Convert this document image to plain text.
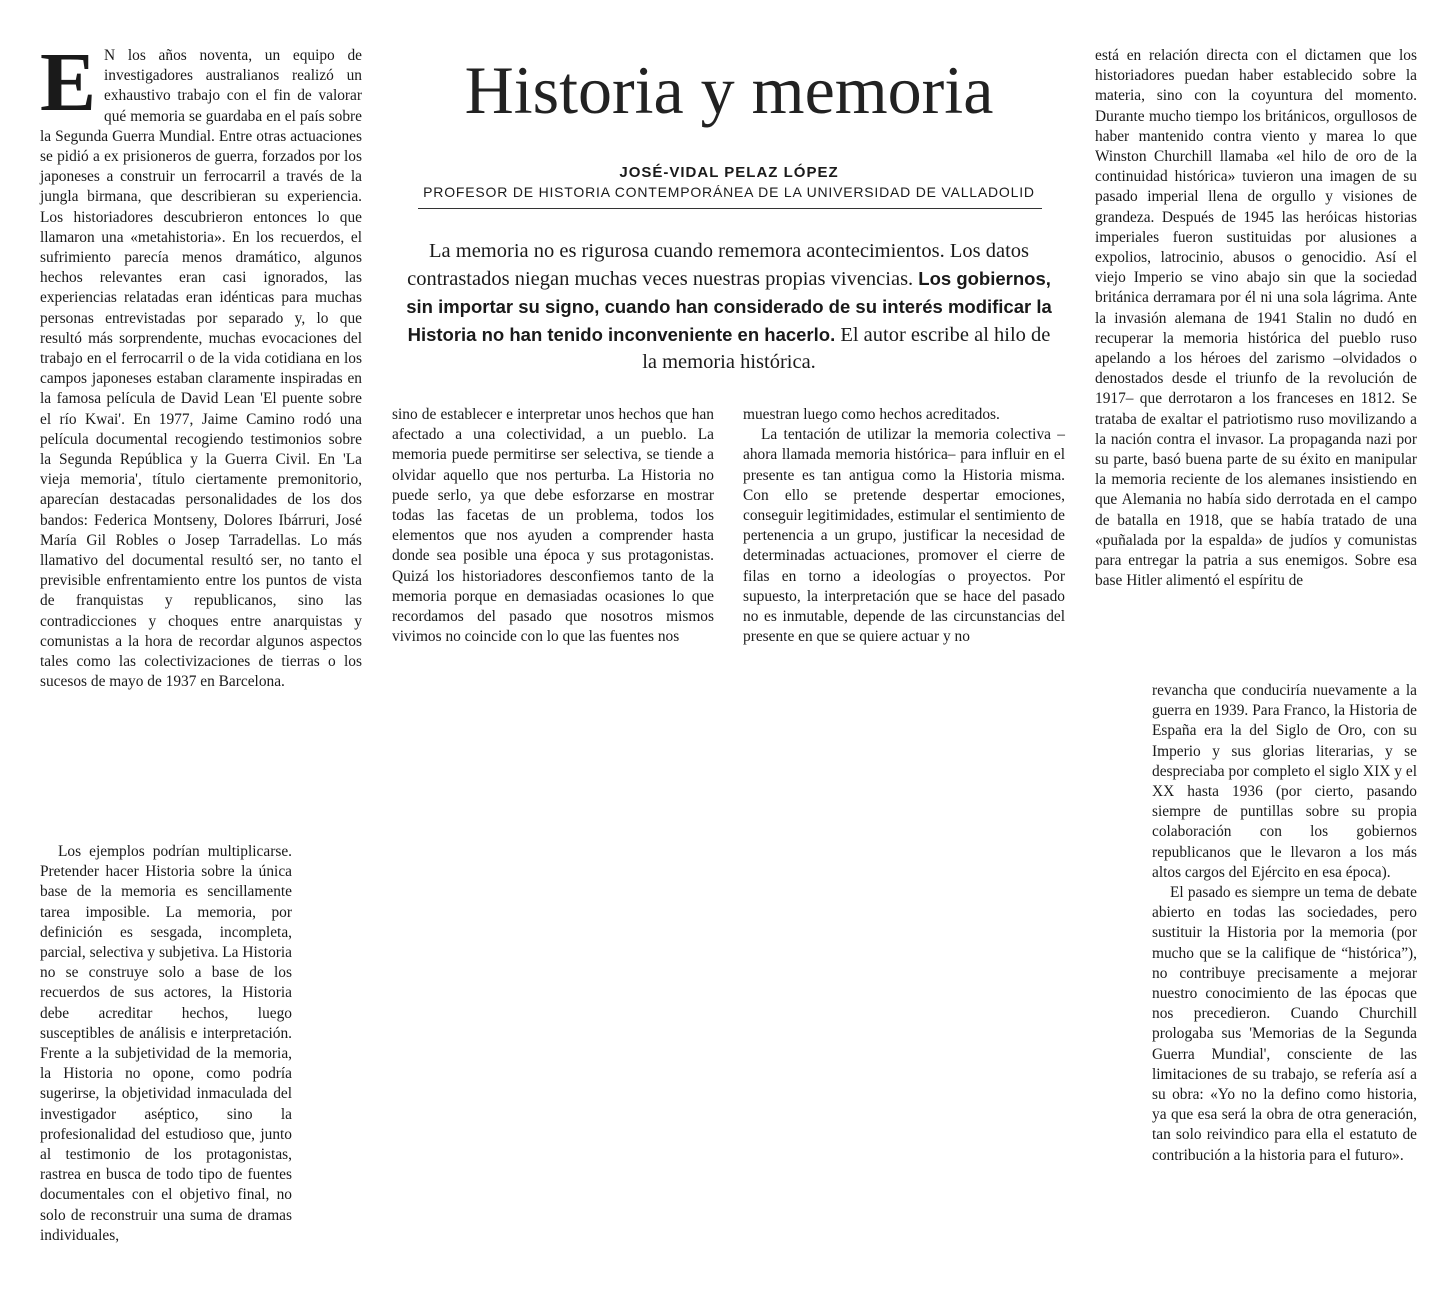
Historia y memoria
JOSÉ-VIDAL PELAZ LÓPEZ
PROFESOR DE HISTORIA CONTEMPORÁNEA DE LA UNIVERSIDAD DE VALLADOLID
La memoria no es rigurosa cuando rememora acontecimientos. Los datos contrastados niegan muchas veces nuestras propias vivencias. Los gobiernos, sin importar su signo, cuando han considerado de su interés modificar la Historia no han tenido inconveniente en hacerlo. El autor escribe al hilo de la memoria histórica.

E N los años noventa, un equipo de investigadores australianos realizó un exhaustivo trabajo con el fin de valorar qué memoria se guardaba en el país sobre la Segunda Guerra Mundial. Entre otras actuaciones se pidió a ex prisioneros de guerra, forzados por los japoneses a construir un ferrocarril a través de la jungla birmana, que describieran su experiencia. Los historiadores descubrieron entonces lo que llamaron una «metahistoria». En los recuerdos, el sufrimiento parecía menos dramático, algunos hechos relevantes eran casi ignorados, las experiencias relatadas eran idénticas para muchas personas entrevistadas por separado y, lo que resultó más sorprendente, muchas evocaciones del trabajo en el ferrocarril o de la vida cotidiana en los campos japoneses estaban claramente inspiradas en la famosa película de David Lean 'El puente sobre el río Kwai'. En 1977, Jaime Camino rodó una película documental recogiendo testimonios sobre la Segunda República y la Guerra Civil. En 'La vieja memoria', título ciertamente premonitorio, aparecían destacadas personalidades de los dos bandos: Federica Montseny, Dolores Ibárruri, José María Gil Robles o Josep Tarradellas. Lo más llamativo del documental resultó ser, no tanto el previsible enfrentamiento entre los puntos de vista de franquistas y republicanos, sino las contradicciones y choques entre anarquistas y comunistas a la hora de recordar algunos aspectos tales como las colectivizaciones de tierras o los sucesos de mayo de 1937 en Barcelona.

Los ejemplos podrían multiplicarse. Pretender hacer Historia sobre la única base de la memoria es sencillamente tarea imposible. La memoria, por definición es sesgada, incompleta, parcial, selectiva y subjetiva. La Historia no se construye solo a base de los recuerdos de sus actores, la Historia debe acreditar hechos, luego susceptibles de análisis e interpretación. Frente a la subjetividad de la memoria, la Historia no opone, como podría sugerirse, la objetividad inmaculada del investigador aséptico, sino la profesionalidad del estudioso que, junto al testimonio de los protagonistas, rastrea en busca de todo tipo de fuentes documentales con el objetivo final, no solo de reconstruir una suma de dramas individuales,

sino de establecer e interpretar unos hechos que han afectado a una colectividad, a un pueblo. La memoria puede permitirse ser selectiva, se tiende a olvidar aquello que nos perturba. La Historia no puede serlo, ya que debe esforzarse en mostrar todas las facetas de un problema, todos los elementos que nos ayuden a comprender hasta donde sea posible una época y sus protagonistas. Quizá los historiadores desconfiemos tanto de la memoria porque en demasiadas ocasiones lo que recordamos del pasado que nosotros mismos vivimos no coincide con lo que las fuentes nos

muestran luego como hechos acreditados.

La tentación de utilizar la memoria colectiva –ahora llamada memoria histórica– para influir en el presente es tan antigua como la Historia misma. Con ello se pretende despertar emociones, conseguir legitimidades, estimular el sentimiento de pertenencia a un grupo, justificar la necesidad de determinadas actuaciones, promover el cierre de filas en torno a ideologías o proyectos. Por supuesto, la interpretación que se hace del pasado no es inmutable, depende de las circunstancias del presente en que se quiere actuar y no

está en relación directa con el dictamen que los historiadores puedan haber establecido sobre la materia, sino con la coyuntura del momento. Durante mucho tiempo los británicos, orgullosos de haber mantenido contra viento y marea lo que Winston Churchill llamaba «el hilo de oro de la continuidad histórica» tuvieron una imagen de su pasado imperial llena de orgullo y visiones de grandeza. Después de 1945 las heróicas historias imperiales fueron sustituidas por alusiones a expolios, latrocinio, abusos o genocidio. Así el viejo Imperio se vino abajo sin que la sociedad británica derramara por él ni una sola lágrima. Ante la invasión alemana de 1941 Stalin no dudó en recuperar la memoria histórica del pueblo ruso apelando a los héroes del zarismo –olvidados o denostados desde el triunfo de la revolución de 1917– que derrotaron a los franceses en 1812. Se trataba de exaltar el patriotismo ruso movilizando a la nación contra el invasor. La propaganda nazi por su parte, basó buena parte de su éxito en manipular la memoria reciente de los alemanes insistiendo en que Alemania no había sido derrotada en el campo de batalla en 1918, que se había tratado de una «puñalada por la espalda» de judíos y comunistas para entregar la patria a sus enemigos. Sobre esa base Hitler alimentó el espíritu de

revancha que conduciría nuevamente a la guerra en 1939. Para Franco, la Historia de España era la del Siglo de Oro, con su Imperio y sus glorias literarias, y se despreciaba por completo el siglo XIX y el XX hasta 1936 (por cierto, pasando siempre de puntillas sobre su propia colaboración con los gobiernos republicanos que le llevaron a los más altos cargos del Ejército en esa época).

El pasado es siempre un tema de debate abierto en todas las sociedades, pero sustituir la Historia por la memoria (por mucho que se la califique de “histórica”), no contribuye precisamente a mejorar nuestro conocimiento de las épocas que nos precedieron. Cuando Churchill prologaba sus 'Memorias de la Segunda Guerra Mundial', consciente de las limitaciones de su trabajo, se refería así a su obra: «Yo no la defino como historia, ya que esa será la obra de otra generación, tan solo reivindico para ella el estatuto de contribución a la historia para el futuro».
